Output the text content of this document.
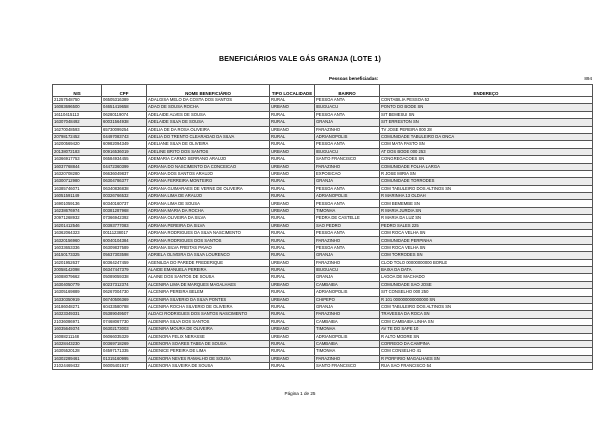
BENEFICIÁRIOS VALE GÁS GRANJA (LOTE 1)
Pessoas beneficiadas:	894
NIS	CPF	NOME BENEFICIÁRIO	TIPO LOCALIDADE	BAIRRO	ENDEREÇO
21257548750	06505316389	ADALGISA MELO DA COSTA DOS SANTOS	RURAL	PESSOA ANTA	CONTABILIA PESSOA 52
16083696500	04651419658	ADAO DE SOUSA ROCHA	URBANO	IBUGUACU	PONTO DO BODE SN
16110415113	06280119074	ADELAIDE ALVES DE SOUSA	RURAL	PESSOA ANTA	SIT BEMESUI SN
16307048492	60031564938	ADELAIDE SILVA DE SOUSA	RURAL	GRANJA	SIT ERRESTON SN
16270048593	65730099254	ADELIA DE DA ROSA OLIVEIRA	URBANO	PARAZINHO	TV JOSE PEREIRA 000 28
20798172452	04497083743	ADELIA DO TRENTO CLEARADAD DA SILVA	RURAL	ADRIANOPOLIS	COMUNIDADE TABULEIRO DA ONCA
16200569420	60982094349	ADELIANE SILVA DE OLIVEIRA	RURAL	PESSOA ANTA	COM MATA PASTO SN
20138072183	00916536019	ADELINE BRITO DOS SANTOS	URBANO	IBUGUACU	AT DOS BODE 000 253
16366917753	06584934455	ADEMARIA CARMO SERRANO ARAUJO	RURAL	SANTO FRANCISCO	CONGREGACOES SN
16037768844	04472360399	ADRIANA DO NASCIMENTO DA CONCEICAO	URBANO	PARAZINHO	COMUNIDADE FOLHA LARGA
16320708280	06636049837	ADRIANA DOS SANTOS ARAUJO	URBANO	EXPOSICAO	R JOSE MIRIA SN
16300712980	06304786377	ADRIANA FERREIRA MONTEIRO	RURAL	GRANJA	COMUNIDADE TORRODES
16385746071	06340836838	ADRIANA GUIMARAES DE VERNE DE OLIVEIRA	RURAL	PESSOA ANTA	COM TABULEIRO DOS ALTINOS SN
16051591149	00326766532	ADRIANA LIMA DE ARAUJO	RURAL	ADRIANOPOLIS	R MARINHA 13 OLDAH
16901059136	60340160737	ADRIANA LIMA DE SOUSA	URBANO	PESSOA ANTA	COM BEMEMBE SN
16238676974	00381287968	ADRIANA MARIA DA ROCHA	URBANO	TIMONHA	R MARIA JURDIA SN
20971268932	07366942392	ADRIANA OLIVEIRA DA SILVA	RURAL	PEDRA DE CASTELLE	R MARIA DA LUZ SN
16201412546	00393777083	ADRIANA PEREIRA DA SILVA	URBANO	SAO PEDRO	PEDRO SALES 225
16362064323	00111238017	ADRIANA RODRIGUES DA SILVA NASCIMENTO	RURAL	PESSOA ANTA	COM ROCA VELHA SN
16320156960	60040104384	ADRIANA RODRIGUES DOS SANTOS	RURAL	PARAZINHO	COMUNIDADE PERPINHA
16033653336	06309837589	ADRIANA SILVA FREITAS PAVAO	RURAL	PESSOA ANTA	COM ROCA VELHA SN
16150173325	05637303598	ADRIELA OLIVEIRA DA SILVA LOURENCO	RURAL	GRANJA	COM TORRODES SN
16201952637	60364247459	AGENILDA DO PAREDE FREDERIQUE	URBANO	PARAZINHO	CLOD TOLO 00000000000 BORLE
20058142098	06347447379	ALAIDE EMANUELA PEREIRA	RURAL	IBUGUACU	BAIXA DA DATA
16088079662	05089059338	ALAINE DOS SANTOS DE SOUSA	RURAL	GRANJA	LAGOA DE MACHADO
16304050779	60237312374	ALCENIRA LIMA DE MARQUES MAGALHAES	URBANO	CAMBAIBA	COMUNIDADE SAO JOSE
16305169889	06267004730	ALCENIRA PEREIRA BELEM	RURAL	ADRIANOPOLIS	SIT CONSELHO 000 250
16330350919	06740506369	ALCENIRA SILVERIO DA SILVA PONTES	URBANO	CHIPEPO	R 101 000000000000000 SN
16186048271	60433580788	ALCENIRA ROCHA SILVERIO DE OLIVEIRA	RURAL	GRANJA	COM TABULEIRO DOS ALTINOS SN
16323349331	05389049507	ALDACI RODRIGUES DOS SANTOS NASCIMENTO	RURAL	PARAZINHO	TRAVESSA DA ROCA SN
21036086971	07468067730	ALDENIRA SILVA DOS SANTOS	RURAL	CAMBAIBA	COM CAMBAIBA LINHA SN
16035649374	06302173003	ALDENIRA MOURA DE OLIVEIRA	URBANO	TIMONHA	AV TE DO SAPE 10
16088211148	06066035329	ALDENORA FELIX NERASSE	URBANO	ADRIANOPOLIS	R ALTO MODRE SN
16328443230	00369718269	ALDENORA SOARES TABEA DE SOUSA	RURAL	CAMBAIBA	CORREGO DA CAMPINA
16305520128	04597171335	ALDENICE PEREIRA DE LIMA	RURAL	TIMONHA	COM CONSELHO 41
16302289461	01315160995	ALDENORA NEVES RAMALHO DE SOUSA	URBANO	PARAZINHO	R PORFIRIO MAGALHAES SN
21024469432	06005401917	ALDENORA SILVEIRA DE SOUSA	RURAL	SANTO FRANCISCO	RUA SAO FRANCISCO 54
Página 1 de 25
